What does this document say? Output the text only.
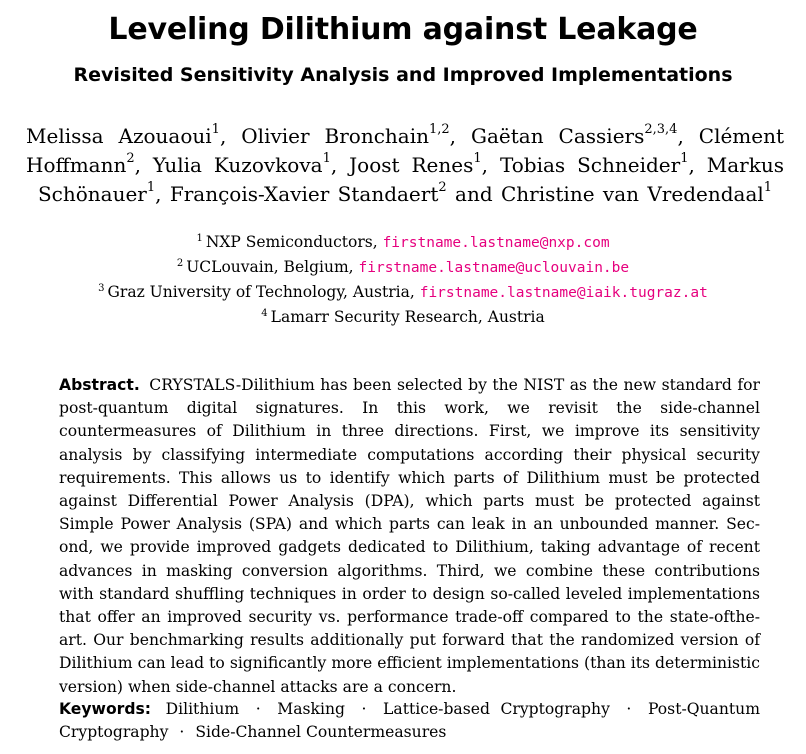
Leveling Dilithium against Leakage
Revisited Sensitivity Analysis and Improved Implementations
Melissa Azouaoui$^1$, Olivier Bronchain$^{1,2}$, Gaëtan Cassiers$^{2,3,4}$, Clément Hoffmann$^2$, Yulia Kuzovkova$^1$, Joost Renes$^1$, Tobias Schneider$^1$, Markus Schönauer$^1$, François-Xavier Standaert$^2$ and Christine van Vredendaal$^1$
$^1$ NXP Semiconductors, firstname.lastname@nxp.com
$^2$ UCLouvain, Belgium, firstname.lastname@uclouvain.be
$^3$ Graz University of Technology, Austria, firstname.lastname@iaik.tugraz.at
$^4$ Lamarr Security Research, Austria

Abstract. CRYSTALS-Dilithium has been selected by the NIST as the new standard for post-quantum digital signatures. In this work, we revisit the side-channel countermeasures of Dilithium in three directions. First, we improve its sensitivity analysis by classifying intermediate computations according their physical security requirements. This allows us to identify which parts of Dilithium must be protected against Differential Power Analysis (DPA), which parts must be protected against Simple Power Analysis (SPA) and which parts can leak in an unbounded manner. Second, we provide improved gadgets dedicated to Dilithium, taking advantage of recent advances in masking conversion algorithms. Third, we combine these contributions with standard shuffling techniques in order to design so-called leveled implementations that offer an improved security vs. performance trade-off compared to the state-of​the-art. Our benchmarking results additionally put forward that the randomized version of Dilithium can lead to significantly more efficient implementations (than its deterministic version) when side-channel attacks are a concern.

Keywords: Dilithium · Masking · Lattice-based Cryptography · Post-Quantum Cryptography · Side-Channel Countermeasures
